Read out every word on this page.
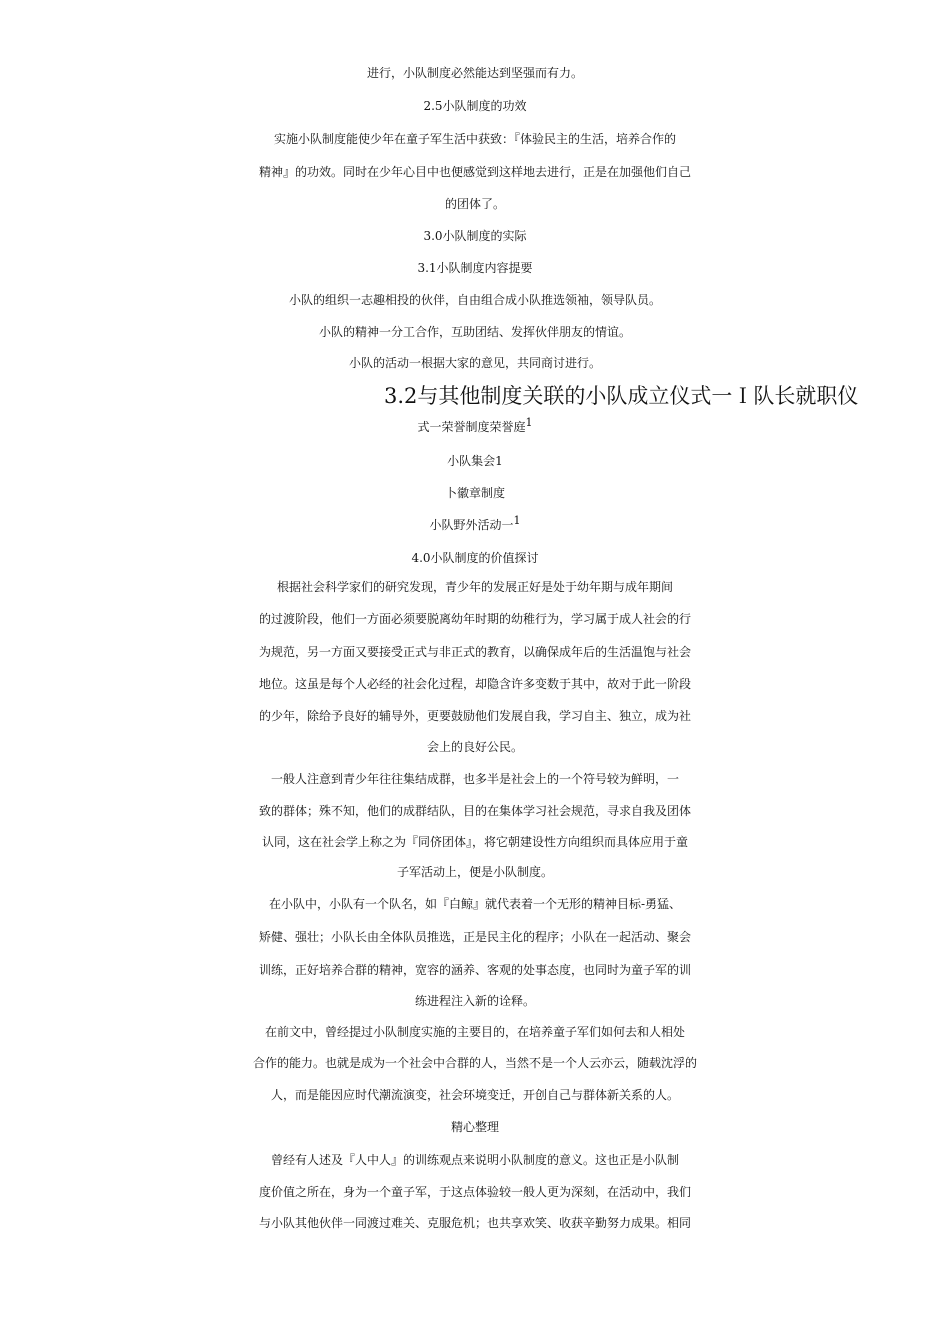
进行，小队制度必然能达到坚强而有力。
2.5小队制度的功效
实施小队制度能使少年在童子军生活中获致：『体验民主的生活，培养合作的
精神』的功效。同时在少年心目中也便感觉到这样地去进行，正是在加强他们自己
的团体了。
3.0小队制度的实际
3.1小队制度内容提要
小队的组织一志趣相投的伙伴，自由组合成小队推选领袖，领导队员。
小队的精神一分工合作，互助团结、发挥伙伴朋友的情谊。
小队的活动一根据大家的意见，共同商讨进行。
3.2与其他制度关联的小队成立仪式一Ｉ队长就职仪
式一荣誉制度荣誉庭$^1$
小队集会1
卜徽章制度
小队野外活动一$^1$
4.0小队制度的价值探讨
根据社会科学家们的研究发现，青少年的发展正好是处于幼年期与成年期间
的过渡阶段，他们一方面必须要脱离幼年时期的幼稚行为，学习属于成人社会的行
为规范，另一方面又要接受正式与非正式的教育，以确保成年后的生活温饱与社会
地位。这虽是每个人必经的社会化过程，却隐含许多变数于其中，故对于此一阶段
的少年，除给予良好的辅导外，更要鼓励他们发展自我，学习自主、独立，成为社
会上的良好公民。
一般人注意到青少年往往集结成群，也多半是社会上的一个符号较为鲜明，一
致的群体；殊不知，他们的成群结队，目的在集体学习社会规范，寻求自我及团体
认同，这在社会学上称之为『同侪团体』，将它朝建设性方向组织而具体应用于童
子军活动上，便是小队制度。
在小队中，小队有一个队名，如『白鲸』就代表着一个无形的精神目标-勇猛、
矫健、强壮；小队长由全体队员推选，正是民主化的程序；小队在一起活动、聚会
训练，正好培养合群的精神，宽容的涵养、客观的处事态度，也同时为童子军的训
练进程注入新的诠释。
在前文中，曾经提过小队制度实施的主要目的，在培养童子军们如何去和人相处
合作的能力。也就是成为一个社会中合群的人，当然不是一个人云亦云，随载沈浮的
人，而是能因应时代潮流演变，社会环境变迁，开创自己与群体新关系的人。
精心整理
曾经有人述及『人中人』的训练观点来说明小队制度的意义。这也正是小队制
度价值之所在，身为一个童子军，于这点体验较一般人更为深刻，在活动中，我们
与小队其他伙伴一同渡过难关、克服危机；也共享欢笑、收获辛勤努力成果。相同
